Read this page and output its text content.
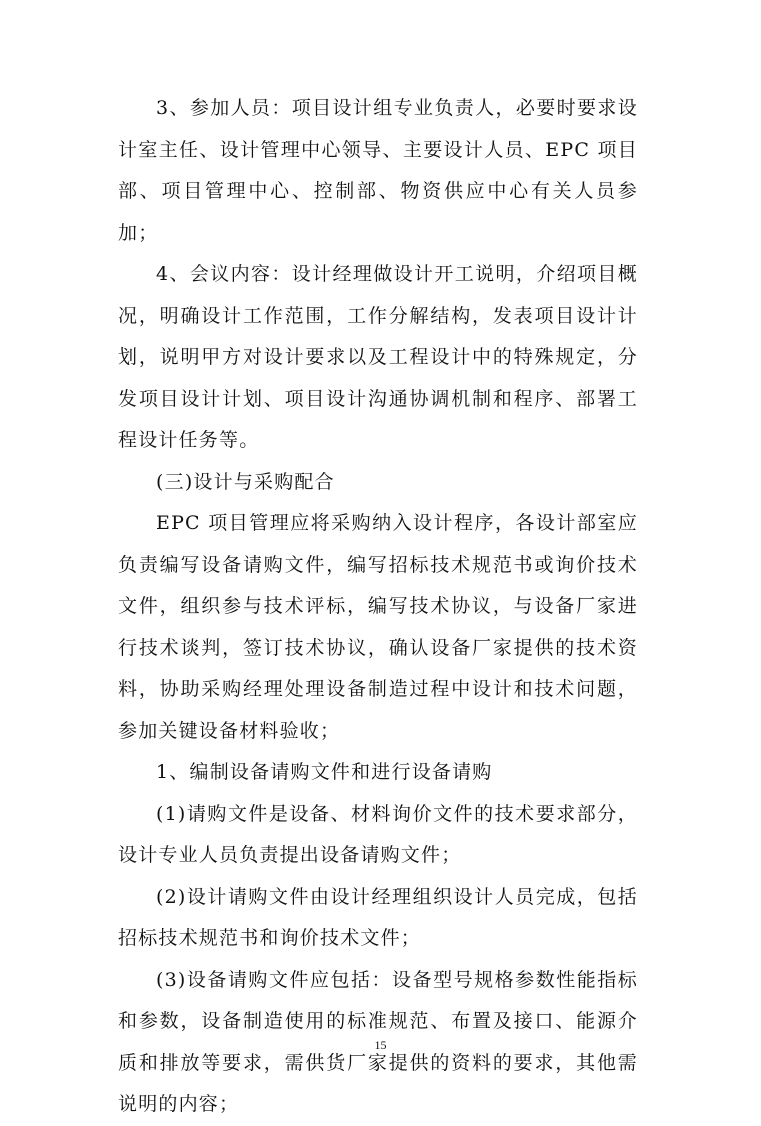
3、参加人员：项目设计组专业负责人，必要时要求设计室主任、设计管理中心领导、主要设计人员、EPC 项目部、项目管理中心、控制部、物资供应中心有关人员参加；

4、会议内容：设计经理做设计开工说明，介绍项目概况，明确设计工作范围，工作分解结构，发表项目设计计划，说明甲方对设计要求以及工程设计中的特殊规定，分发项目设计计划、项目设计沟通协调机制和程序、部署工程设计任务等。

(三)设计与采购配合

EPC 项目管理应将采购纳入设计程序，各设计部室应负责编写设备请购文件，编写招标技术规范书或询价技术文件，组织参与技术评标，编写技术协议，与设备厂家进行技术谈判，签订技术协议，确认设备厂家提供的技术资料，协助采购经理处理设备制造过程中设计和技术问题，参加关键设备材料验收；

1、编制设备请购文件和进行设备请购

(1)请购文件是设备、材料询价文件的技术要求部分，设计专业人员负责提出设备请购文件；

(2)设计请购文件由设计经理组织设计人员完成，包括招标技术规范书和询价技术文件；

(3)设备请购文件应包括：设备型号规格参数性能指标和参数，设备制造使用的标准规范、布置及接口、能源介质和排放等要求，需供货厂家提供的资料的要求，其他需说明的内容；

15
